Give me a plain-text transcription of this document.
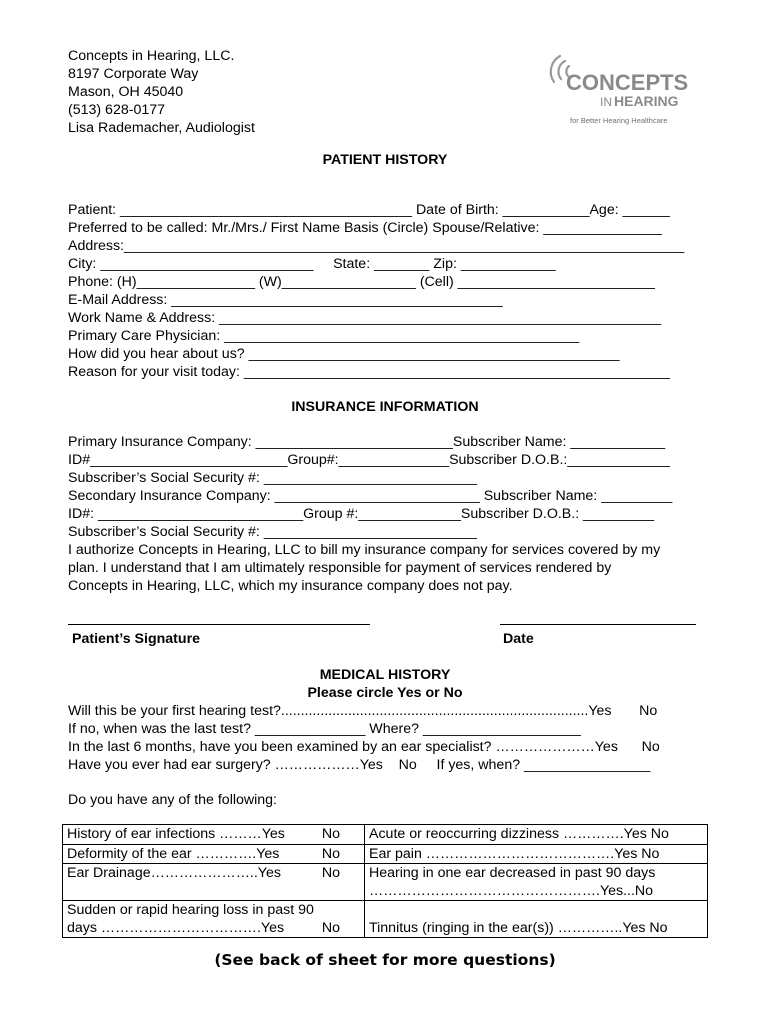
Concepts in Hearing, LLC.
8197 Corporate Way
Mason, OH 45040
(513) 628-0177
Lisa Rademacher, Audiologist
CONCEPTS
IN HEARING
for Better Hearing Healthcare
PATIENT HISTORY
Patient: _____________________________________ Date of Birth: ___________Age: ______
Preferred to be called: Mr./Mrs./ First Name Basis (Circle) Spouse/Relative: _______________
Address:_______________________________________________________________________
City: ___________________________     State: _______ Zip: ____________
Phone: (H)_______________ (W)_________________ (Cell) _________________________
E-Mail Address: __________________________________________
Work Name & Address: ________________________________________________________
Primary Care Physician: _____________________________________________
How did you hear about us? _______________________________________________
Reason for your visit today: ______________________________________________________
INSURANCE INFORMATION
Primary Insurance Company: _________________________Subscriber Name: ____________
ID#_________________________Group#:______________Subscriber D.O.B.:_____________
Subscriber’s Social Security #: ___________________________
Secondary Insurance Company: __________________________ Subscriber Name: _________
ID#: __________________________Group #:_____________Subscriber D.O.B.: _________
Subscriber’s Social Security #: ___________________________
I authorize Concepts in Hearing, LLC to bill my insurance company for services covered by my
plan. I understand that I am ultimately responsible for payment of services rendered by
Concepts in Hearing, LLC, which my insurance company does not pay.
Patient’s Signature	Date
MEDICAL HISTORY
Please circle Yes or No
Will this be your first hearing test?..............................................................................Yes       No
If no, when was the last test? ______________ Where? ____________________
In the last 6 months, have you been examined by an ear specialist? …………………Yes      No
Have you ever had ear surgery? ………………Yes    No     If yes, when? ________________
Do you have any of the following:
History of ear infections ………Yes No	Acute or reoccurring dizziness ………….Yes No
Deformity of the ear ………….Yes No	Ear pain ………………………………….Yes No
Ear Drainage…………………..Yes No	Hearing in one ear decreased in past 90 days
………………………………………….Yes...No

Sudden or rapid hearing loss in past 90
days …………………………….Yes No	Tinnitus (ringing in the ear(s)) …………..Yes No
(See back of sheet for more questions)
